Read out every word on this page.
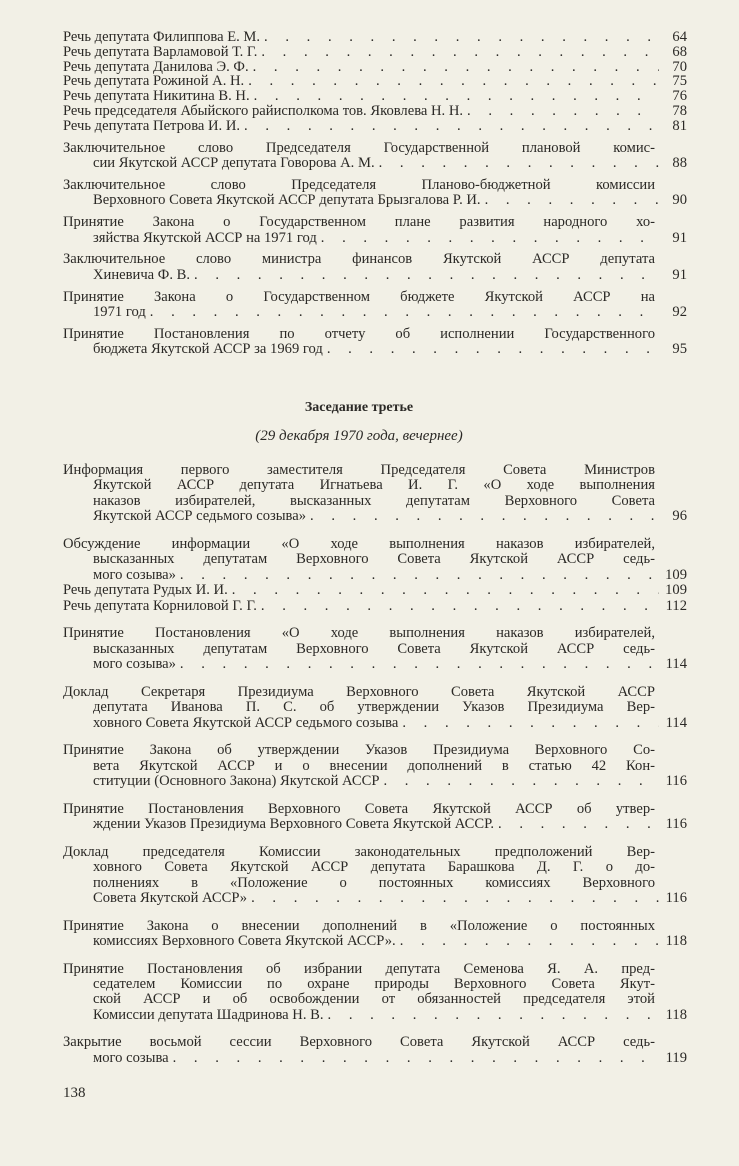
Речь депутата Филиппова Е. М. . . .	64
Речь депутата Варламовой Т. Г. . . .	68
Речь депутата Данилова Э. Ф. . . .	70
Речь депутата Рожиной А. Н. . . .	75
Речь депутата Никитина В. Н. . . .	76
Речь председателя Абыйского райисполкома тов. Яковлева Н. Н. . . .	78
Речь депутата Петрова И. И. . . .	81
Заключительное слово Председателя Государственной плановой комис-
сии Якутской АССР депутата Говорова А. М. . . .	88
Заключительное слово Председателя Планово-бюджетной комиссии
Верховного Совета Якутской АССР депутата Брызгалова Р. И. . . .	90
Принятие Закона о Государственном плане развития народного хо-
зяйства Якутской АССР на 1971 год . . .	91
Заключительное слово министра финансов Якутской АССР депутата
Хиневича Ф. В. . . .	91
Принятие Закона о Государственном бюджете Якутской АССР на
1971 год . . .	92
Принятие Постановления по отчету об исполнении Государственного
бюджета Якутской АССР за 1969 год . . .	95
Заседание третье
(29 декабря 1970 года, вечернее)
Информация первого заместителя Председателя Совета Министров
Якутской АССР депутата Игнатьева И. Г. «О ходе выполнения
наказов избирателей, высказанных депутатам Верховного Совета
Якутской АССР седьмого созыва» . . .	96
Обсуждение информации «О ходе выполнения наказов избирателей,
высказанных депутатам Верховного Совета Якутской АССР седь-
мого созыва» . . .	109
Речь депутата Рудых И. И. . . .	109
Речь депутата Корниловой Г. Г. . . .	112
Принятие Постановления «О ходе выполнения наказов избирателей,
высказанных депутатам Верховного Совета Якутской АССР седь-
мого созыва» . . .	114
Доклад Секретаря Президиума Верховного Совета Якутской АССР
депутата Иванова П. С. об утверждении Указов Президиума Вер-
ховного Совета Якутской АССР седьмого созыва . . .	114
Принятие Закона об утверждении Указов Президиума Верховного Со-
вета Якутской АССР и о внесении дополнений в статью 42 Кон-
ституции (Основного Закона) Якутской АССР . . .	116
Принятие Постановления Верховного Совета Якутской АССР об утвер-
ждении Указов Президиума Верховного Совета Якутской АССР. . . .	116
Доклад председателя Комиссии законодательных предположений Вер-
ховного Совета Якутской АССР депутата Барашкова Д. Г. о до-
полнениях в «Положение о постоянных комиссиях Верховного
Совета Якутской АССР» . . .	116
Принятие Закона о внесении дополнений в «Положение о постоянных
комиссиях Верховного Совета Якутской АССР». . . .	118
Принятие Постановления об избрании депутата Семенова Я. А. пред-
седателем Комиссии по охране природы Верховного Совета Якут-
ской АССР и об освобождении от обязанностей председателя этой
Комиссии депутата Шадринова Н. В. . . .	118
Закрытие восьмой сессии Верховного Совета Якутской АССР седь-
мого созыва . . .	119
138
